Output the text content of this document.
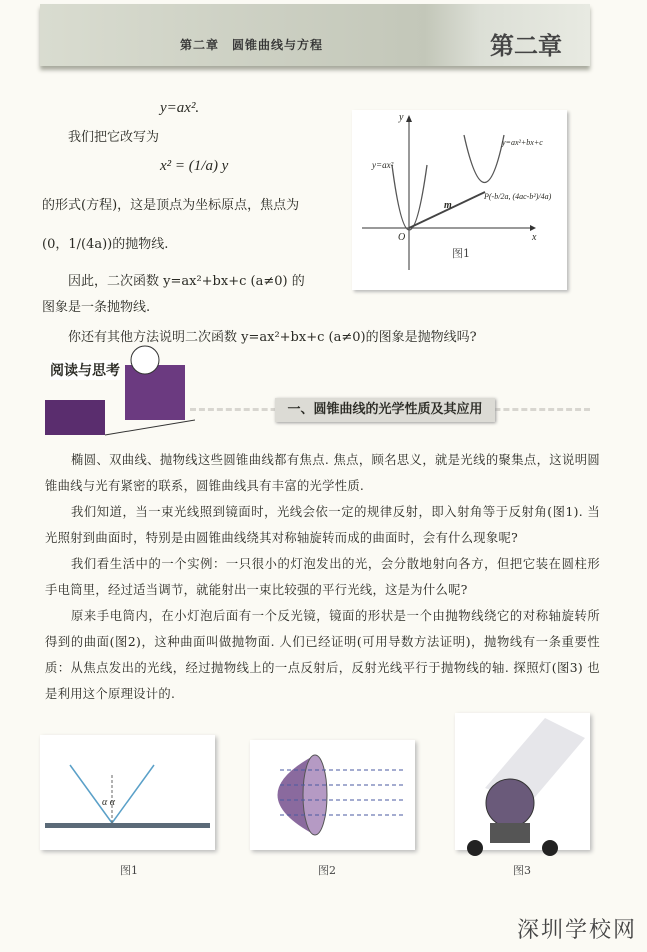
第二章　圆锥曲线与方程	第二章
y=ax².
我们把它改写为
x² = (1/a) y
的形式(方程)，这是顶点为坐标原点，焦点为
(0，1/(4a))的抛物线.
因此，二次函数 y=ax²+bx+c (a≠0) 的
图象是一条抛物线.
y=ax²
y=ax²+bx+c
m
P(-b/2a, (4ac-b²)/4a)
O	x
y
图1
你还有其他方法说明二次函数 y=ax²+bx+c (a≠0)的图象是抛物线吗?
阅读与思考
一、圆锥曲线的光学性质及其应用

椭圆、双曲线、抛物线这些圆锥曲线都有焦点. 焦点，顾名思义，就是光线的聚集点，这说明圆锥曲线与光有紧密的联系，圆锥曲线具有丰富的光学性质.

我们知道，当一束光线照到镜面时，光线会依一定的规律反射，即入射角等于反射角(图1). 当光照射到曲面时，特别是由圆锥曲线绕其对称轴旋转而成的曲面时，会有什么现象呢?

我们看生活中的一个实例：一只很小的灯泡发出的光，会分散地射向各方，但把它装在圆柱形手电筒里，经过适当调节，就能射出一束比较强的平行光线，这是为什么呢?

原来手电筒内，在小灯泡后面有一个反光镜，镜面的形状是一个由抛物线绕它的对称轴旋转所得到的曲面(图2)，这种曲面叫做抛物面. 人们已经证明(可用导数方法证明)，抛物线有一条重要性质：从焦点发出的光线，经过抛物线上的一点反射后，反射光线平行于抛物线的轴. 探照灯(图3) 也是利用这个原理设计的.

α α
图1	图2	图3
深圳学校网
